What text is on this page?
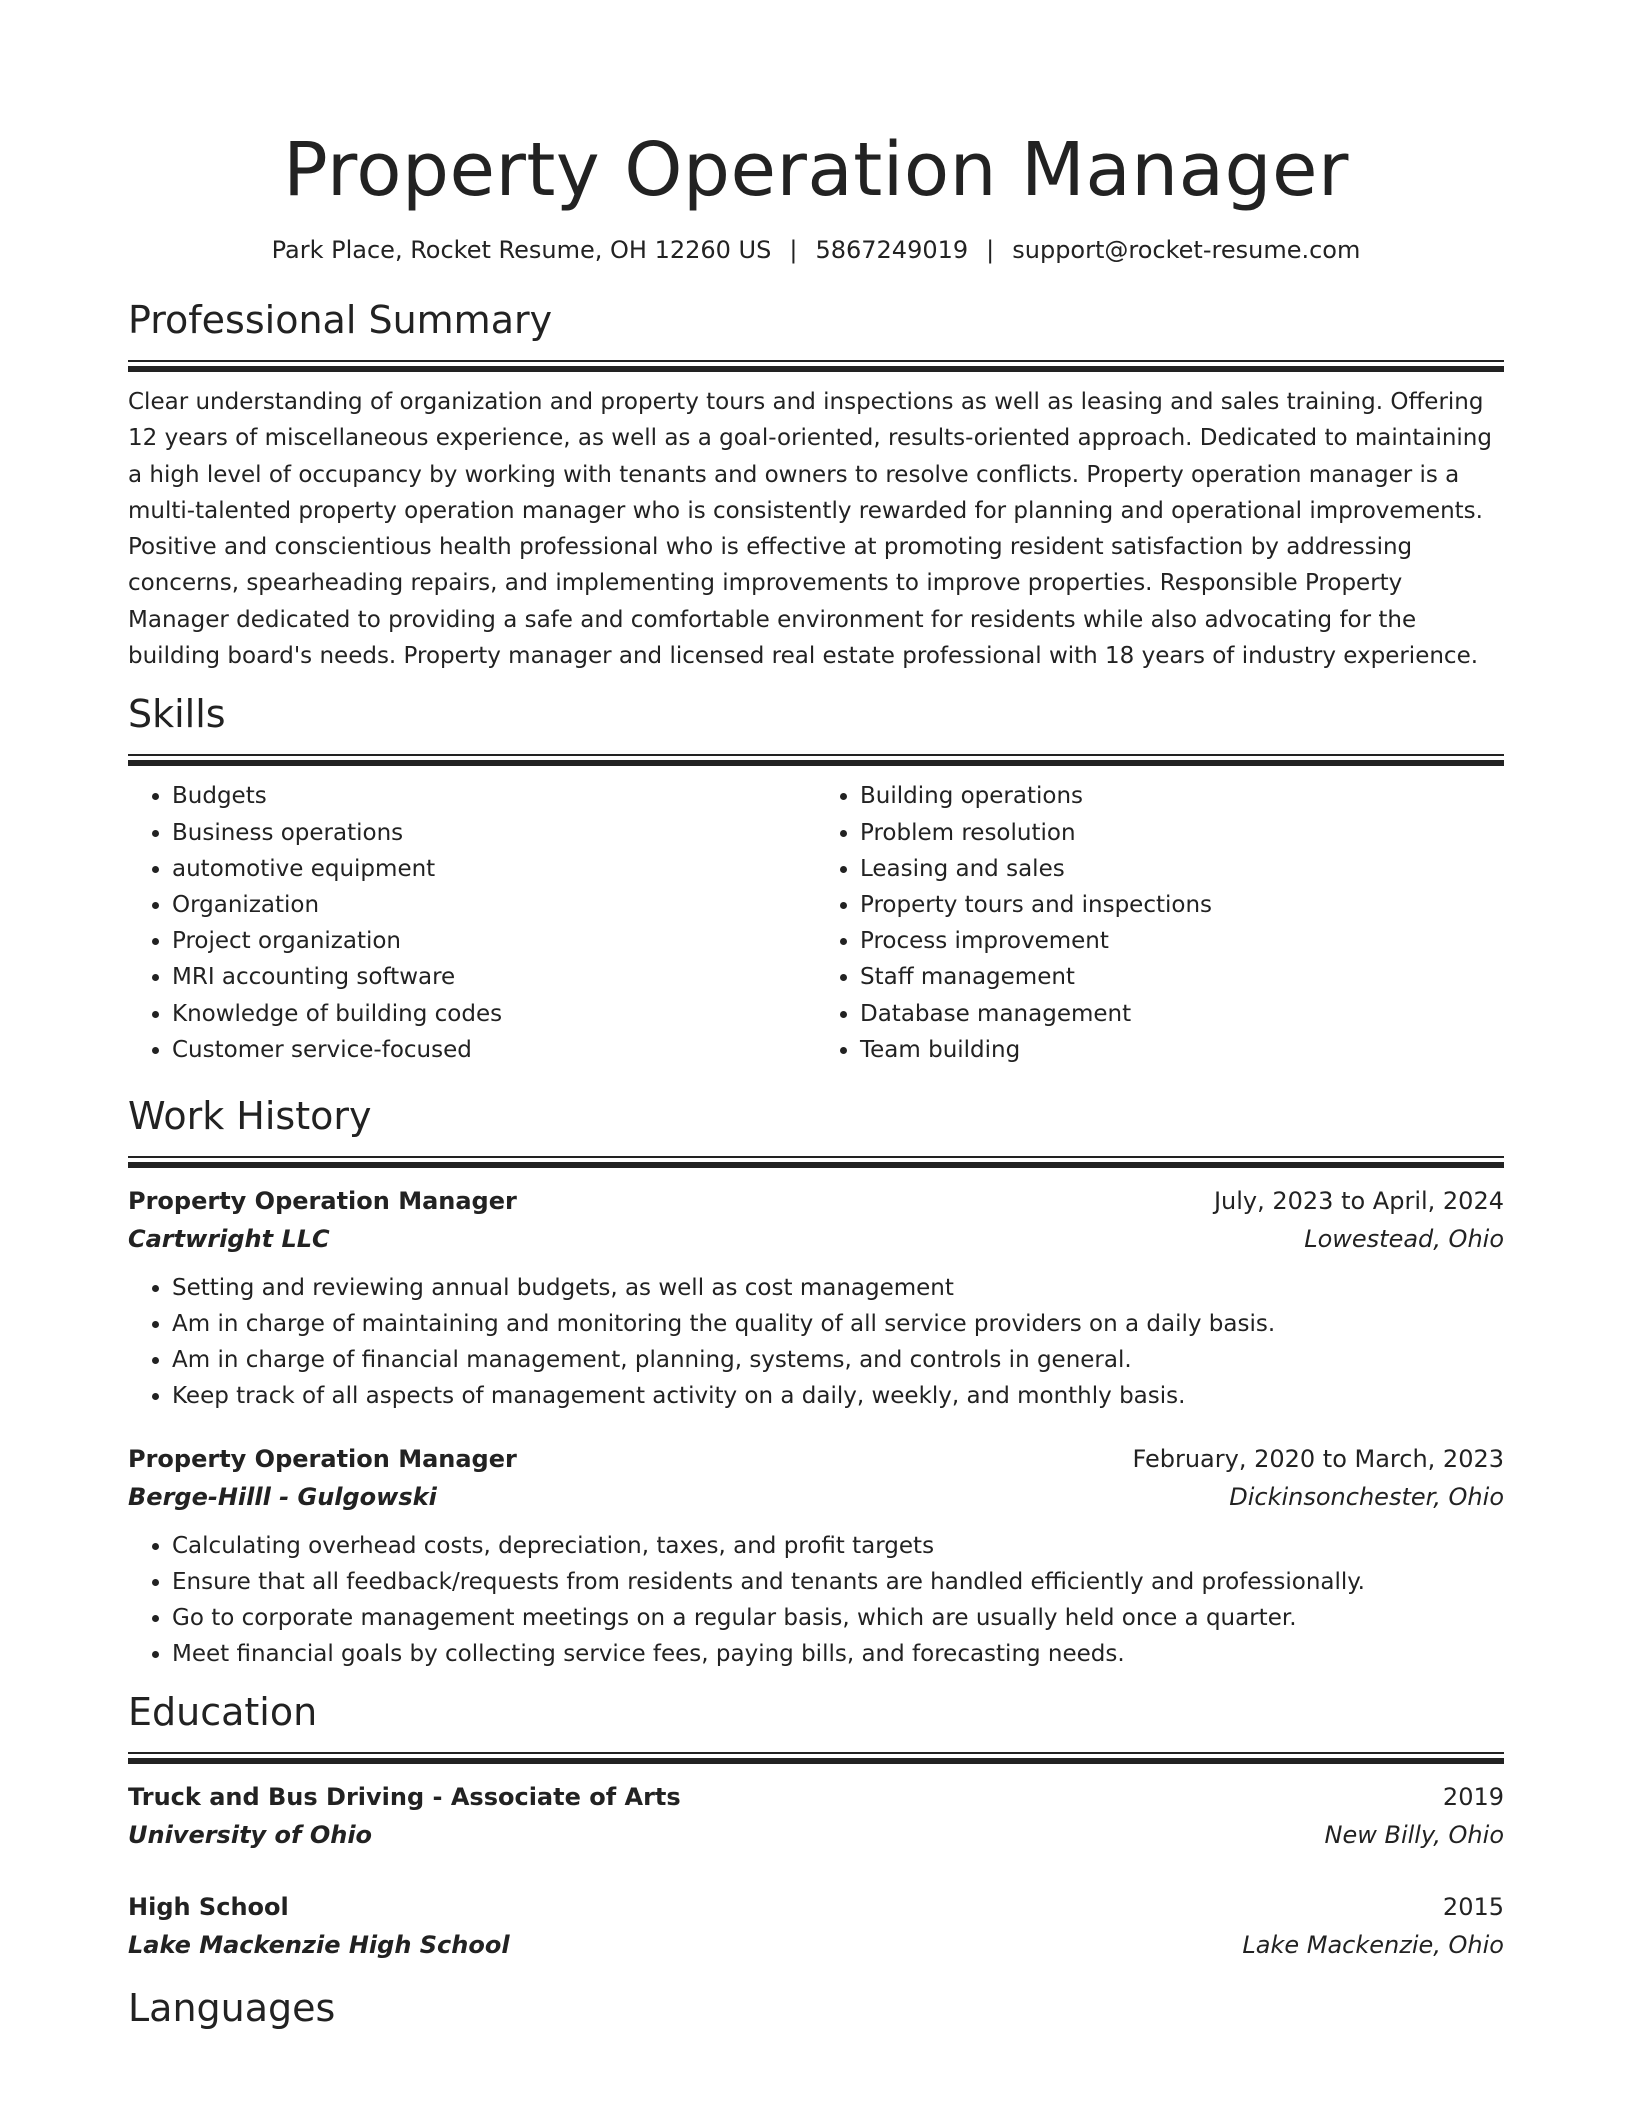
Property Operation Manager
Park Place, Rocket Resume, OH 12260 US | 5867249019 | support@rocket-resume.com
Professional Summary
Clear understanding of organization and property tours and inspections as well as leasing and sales training. Offering 12 years of miscellaneous experience, as well as a goal-oriented, results-oriented approach. Dedicated to maintaining a high level of occupancy by working with tenants and owners to resolve conflicts. Property operation manager is a multi-talented property operation manager who is consistently rewarded for planning and operational improvements. Positive and conscientious health professional who is effective at promoting resident satisfaction by addressing concerns, spearheading repairs, and implementing improvements to improve properties. Responsible Property Manager dedicated to providing a safe and comfortable environment for residents while also advocating for the building board's needs. Property manager and licensed real estate professional with 18 years of industry experience.
Skills
• Budgets
• Business operations
• automotive equipment
• Organization
• Project organization
• MRI accounting software
• Knowledge of building codes
• Customer service-focused
• Building operations
• Problem resolution
• Leasing and sales
• Property tours and inspections
• Process improvement
• Staff management
• Database management
• Team building
Work History
Property Operation Manager	July, 2023 to April, 2024
Cartwright LLC	Lowestead, Ohio
• Setting and reviewing annual budgets, as well as cost management
• Am in charge of maintaining and monitoring the quality of all service providers on a daily basis.
• Am in charge of financial management, planning, systems, and controls in general.
• Keep track of all aspects of management activity on a daily, weekly, and monthly basis.
Property Operation Manager	February, 2020 to March, 2023
Berge-Hilll - Gulgowski	Dickinsonchester, Ohio
• Calculating overhead costs, depreciation, taxes, and profit targets
• Ensure that all feedback/requests from residents and tenants are handled efficiently and professionally.
• Go to corporate management meetings on a regular basis, which are usually held once a quarter.
• Meet financial goals by collecting service fees, paying bills, and forecasting needs.
Education
Truck and Bus Driving - Associate of Arts	2019
University of Ohio	New Billy, Ohio
High School	2015
Lake Mackenzie High School	Lake Mackenzie, Ohio
Languages
